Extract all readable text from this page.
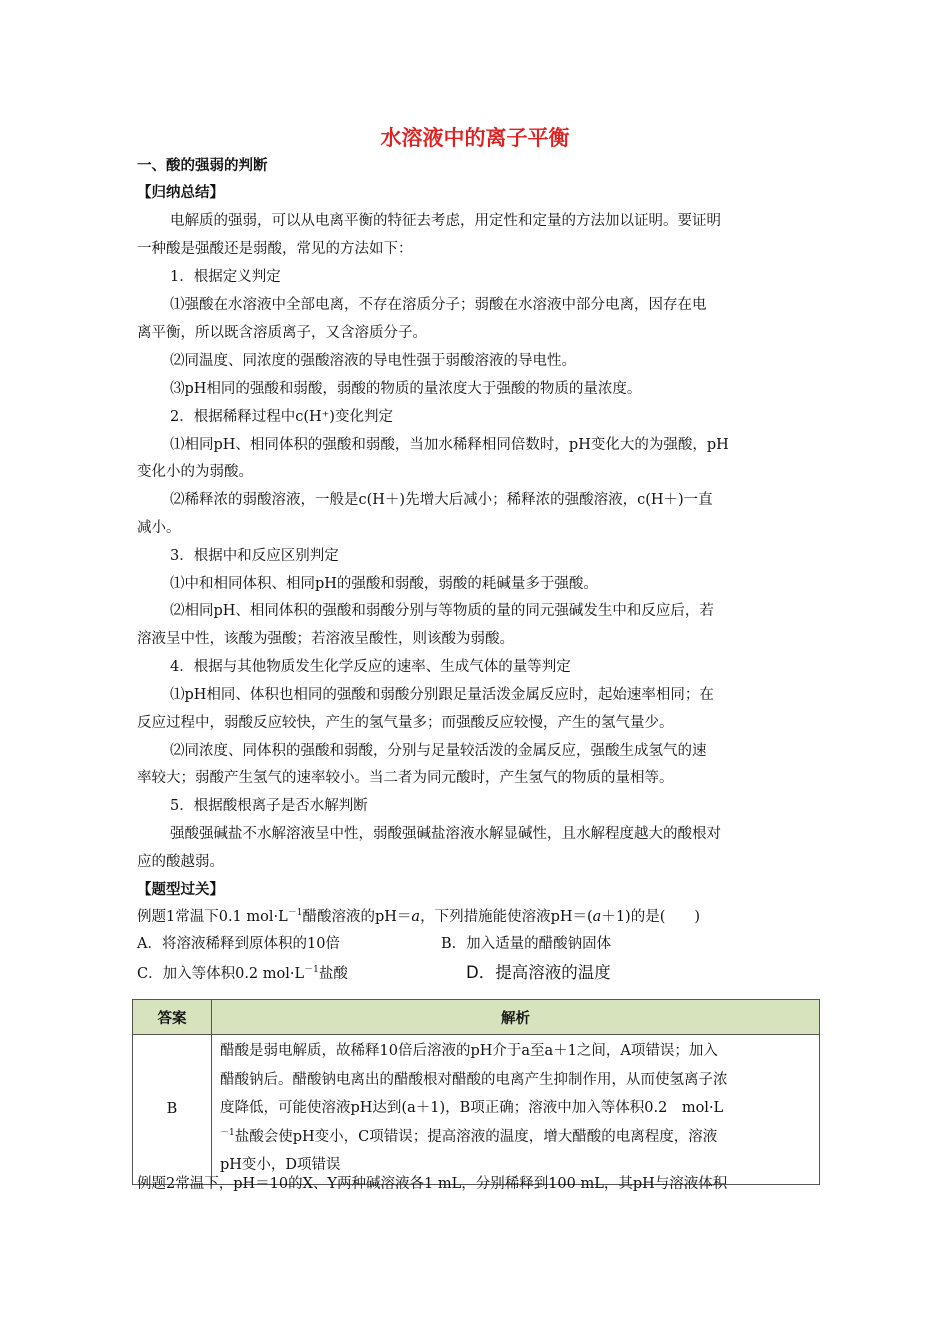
水溶液中的离子平衡
一、酸的强弱的判断
【归纳总结】
电解质的强弱，可以从电离平衡的特征去考虑，用定性和定量的方法加以证明。要证明
一种酸是强酸还是弱酸，常见的方法如下：
1．根据定义判定
⑴强酸在水溶液中全部电离，不存在溶质分子；弱酸在水溶液中部分电离，因存在电
离平衡，所以既含溶质离子，又含溶质分子。
⑵同温度、同浓度的强酸溶液的导电性强于弱酸溶液的导电性。
⑶pH相同的强酸和弱酸，弱酸的物质的量浓度大于强酸的物质的量浓度。
2．根据稀释过程中c(H⁺)变化判定
⑴相同pH、相同体积的强酸和弱酸，当加水稀释相同倍数时，pH变化大的为强酸，pH
变化小的为弱酸。
⑵稀释浓的弱酸溶液，一般是c(H＋)先增大后减小；稀释浓的强酸溶液，c(H＋)一直
减小。
3．根据中和反应区别判定
⑴中和相同体积、相同pH的强酸和弱酸，弱酸的耗碱量多于强酸。
⑵相同pH、相同体积的强酸和弱酸分别与等物质的量的同元强碱发生中和反应后，若
溶液呈中性，该酸为强酸；若溶液呈酸性，则该酸为弱酸。
4．根据与其他物质发生化学反应的速率、生成气体的量等判定
⑴pH相同、体积也相同的强酸和弱酸分别跟足量活泼金属反应时，起始速率相同；在
反应过程中，弱酸反应较快，产生的氢气量多；而强酸反应较慢，产生的氢气量少。
⑵同浓度、同体积的强酸和弱酸，分别与足量较活泼的金属反应，强酸生成氢气的速
率较大；弱酸产生氢气的速率较小。当二者为同元酸时，产生氢气的物质的量相等。
5．根据酸根离子是否水解判断
强酸强碱盐不水解溶液呈中性，弱酸强碱盐溶液水解显碱性，且水解程度越大的酸根对
应的酸越弱。
【题型过关】
例题1常温下0.1 $mol\cdot L^{-1}$醋酸溶液的pH＝a，下列措施能使溶液pH＝(a＋1)的是(　　)
A．将溶液稀释到原体积的10倍	B．加入适量的醋酸钠固体
C．加入等体积0.2 $mol\cdot L^{-1}$盐酸	D．提高溶液的温度
答案	解析
B	醋酸是弱电解质，故稀释10倍后溶液的pH介于a至a＋1之间，A项错误；加入
醋酸钠后。醋酸钠电离出的醋酸根对醋酸的电离产生抑制作用，从而使氢离子浓
度降低，可能使溶液pH达到(a＋1)，B项正确；溶液中加入等体积0.2　mol·L
$^{-1}$盐酸会使pH变小，C项错误；提高溶液的温度，增大醋酸的电离程度，溶液
pH变小，D项错误
例题2常温下，pH＝10的X、Y两种碱溶液各1 mL，分别稀释到100 mL，其pH与溶液体积
